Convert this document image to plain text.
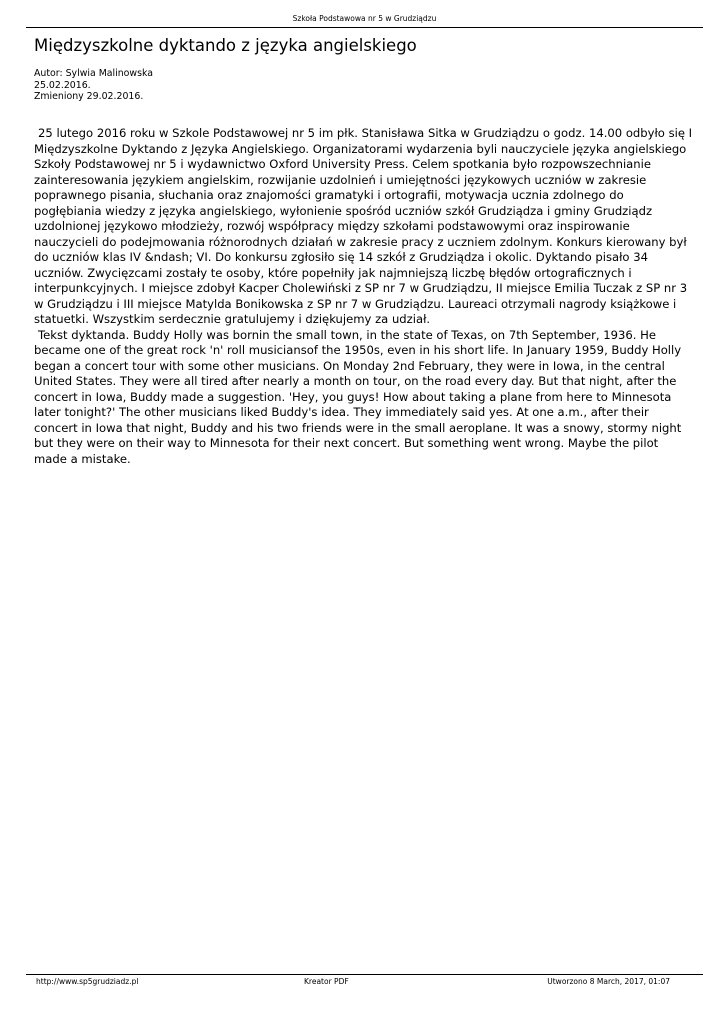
Szkoła Podstawowa nr 5 w Grudziądzu
Międzyszkolne dyktando z języka angielskiego
Autor: Sylwia Malinowska
25.02.2016.
Zmieniony 29.02.2016.

25 lutego 2016 roku w Szkole Podstawowej nr 5 im płk. Stanisława Sitka w Grudziądzu o godz. 14.00 odbyło się I Międzyszkolne Dyktando z Języka Angielskiego. Organizatorami wydarzenia byli nauczyciele języka angielskiego Szkoły Podstawowej nr 5 i wydawnictwo Oxford University Press. Celem spotkania było rozpowszechnianie zainteresowania językiem angielskim, rozwijanie uzdolnień i umiejętności językowych uczniów w zakresie poprawnego pisania, słuchania oraz znajomości gramatyki i ortografii, motywacja ucznia zdolnego do pogłębiania wiedzy z języka angielskiego, wyłonienie spośród uczniów szkół Grudziądza i gminy Grudziądz uzdolnionej językowo młodzieży, rozwój współpracy między szkołami podstawowymi oraz inspirowanie nauczycieli do podejmowania różnorodnych działań w zakresie pracy z uczniem zdolnym. Konkurs kierowany był do uczniów klas IV &ndash; VI. Do konkursu zgłosiło się 14 szkół z Grudziądza i okolic. Dyktando pisało 34 uczniów. Zwycięzcami zostały te osoby, które popełniły jak najmniejszą liczbę błędów ortograficznych i interpunkcyjnych. I miejsce zdobył Kacper Cholewiński z SP nr 7 w Grudziądzu, II miejsce Emilia Tuczak z SP nr 3 w Grudziądzu i III miejsce Matylda Bonikowska z SP nr 7 w Grudziądzu. Laureaci otrzymali nagrody książkowe i statuetki. Wszystkim serdecznie gratulujemy i dziękujemy za udział.

Tekst dyktanda. Buddy Holly was bornin the small town, in the state of Texas, on 7th September, 1936. He became one of the great rock 'n' roll musiciansof the 1950s, even in his short life. In January 1959, Buddy Holly began a concert tour with some other musicians. On Monday 2nd February, they were in Iowa, in the central United States. They were all tired after nearly a month on tour, on the road every day. But that night, after the concert in Iowa, Buddy made a suggestion. 'Hey, you guys! How about taking a plane from here to Minnesota later tonight?' The other musicians liked Buddy's idea. They immediately said yes. At one a.m., after their concert in Iowa that night, Buddy and his two friends were in the small aeroplane. It was a snowy, stormy night but they were on their way to Minnesota for their next concert. But something went wrong. Maybe the pilot made a mistake.

http://www.sp5grudziadz.pl	Kreator PDF	Utworzono 8 March, 2017, 01:07
